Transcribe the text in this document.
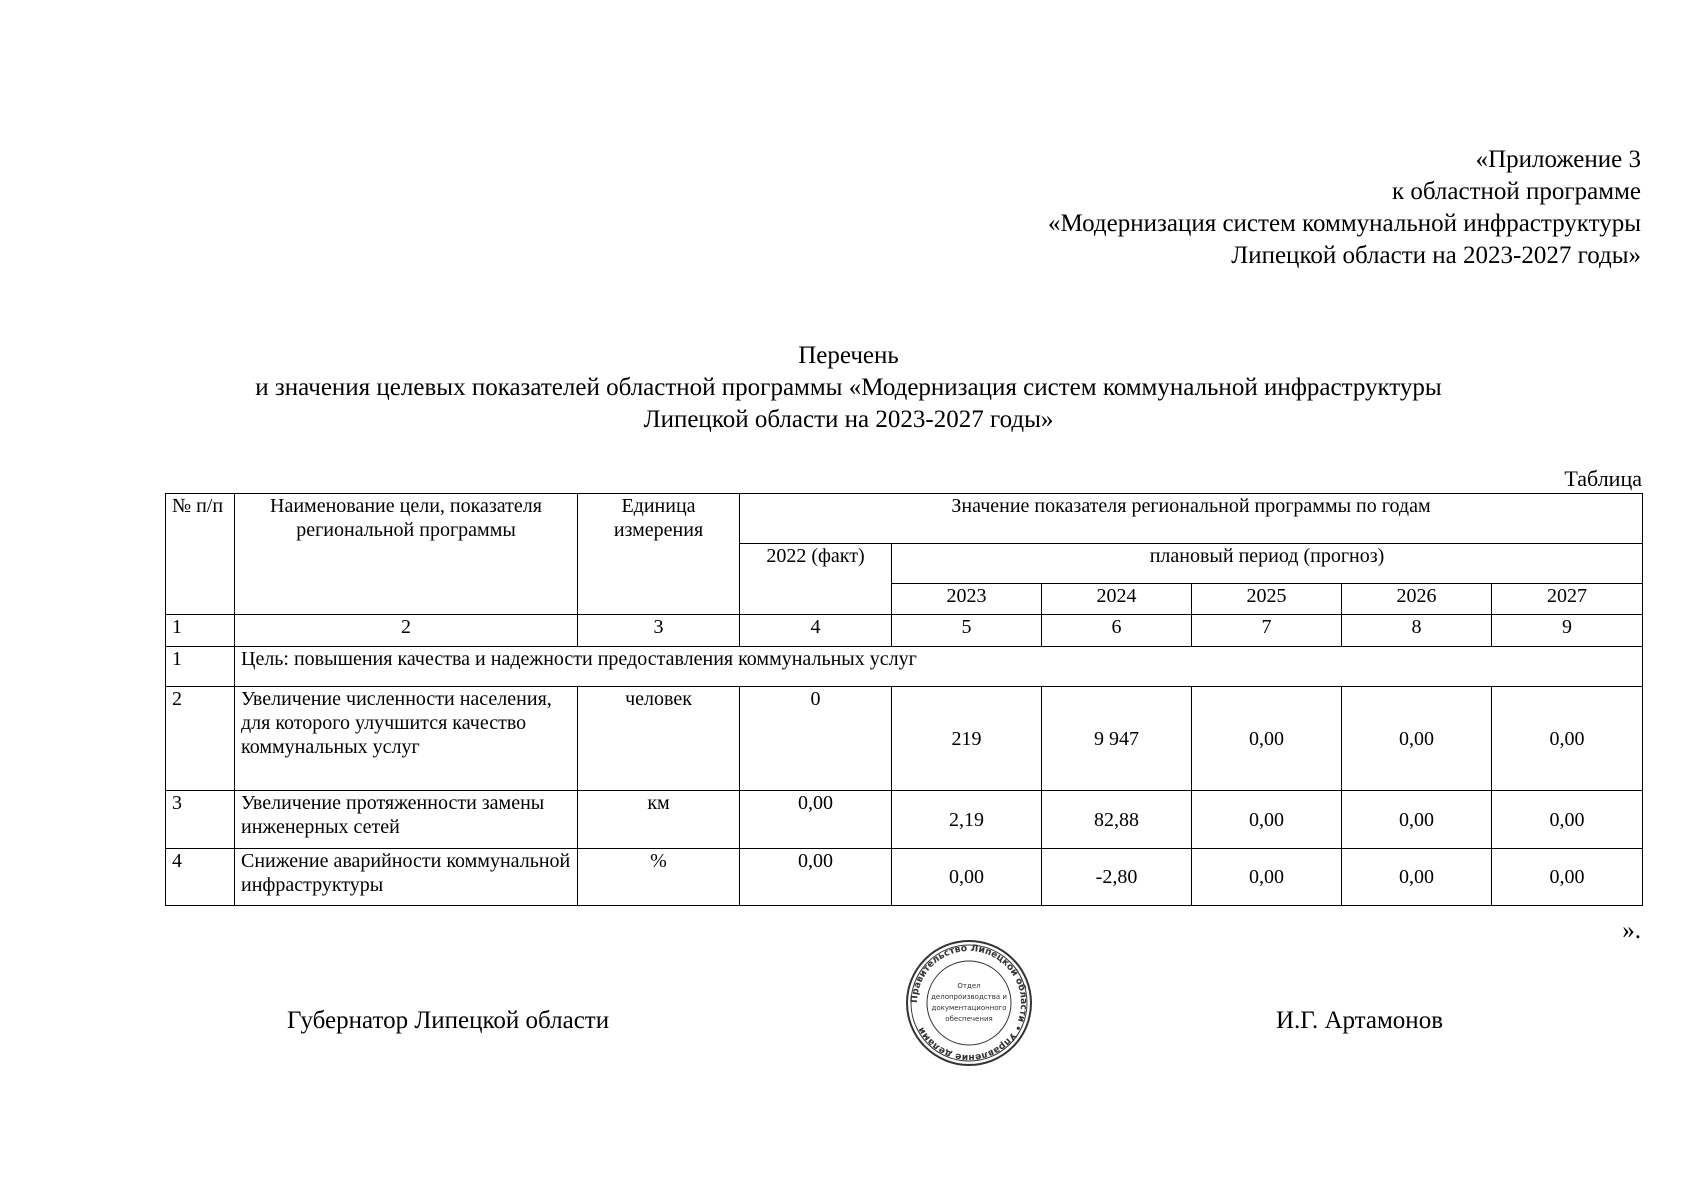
«Приложение 3
к областной программе
«Модернизация систем коммунальной инфраструктуры
Липецкой области на 2023-2027 годы»
Перечень
и значения целевых показателей областной программы «Модернизация систем коммунальной инфраструктуры
Липецкой области на 2023-2027 годы»
Таблица
№ п/п	Наименование цели, показателя региональной программы	Единица измерения	Значение показателя региональной программы по годам					
			2022 (факт)	плановый период (прогноз)				
				2023	2024	2025	2026	2027
1	2	3	4	5	6	7	8	9
1	Цель: повышения качества и надежности предоставления коммунальных услуг							
2	Увеличение численности населения, для которого улучшится качество коммунальных услуг	человек	0	219	9 947	0,00	0,00	0,00
3	Увеличение протяженности замены инженерных сетей	км	0,00	2,19	82,88	0,00	0,00	0,00
4	Снижение аварийности коммунальной инфраструктуры	%	0,00	0,00	-2,80	0,00	0,00	0,00
».
Губернатор Липецкой области	И.Г. Артамонов
Правительство Липецкой области • Управление делами
Отдел
делопроизводства и
документационного
обеспечения
